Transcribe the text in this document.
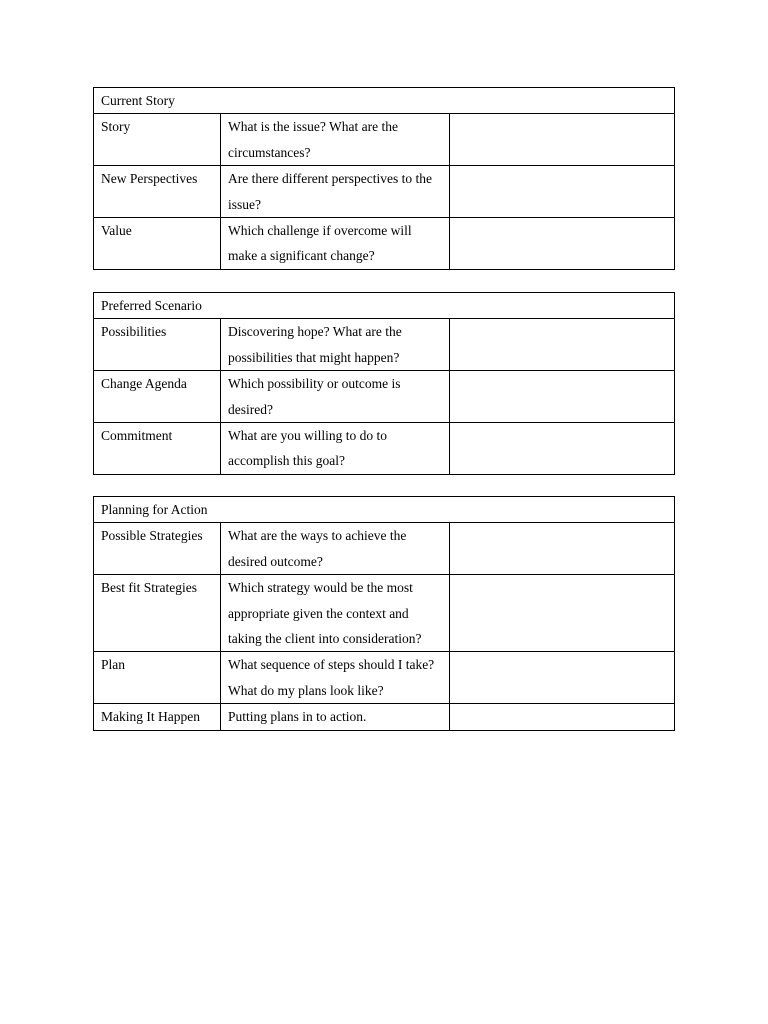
Current Story		
Story	What is the issue? What are the circumstances?	
New Perspectives	Are there different perspectives to the issue?	
Value	Which challenge if overcome will make a significant change?	
Preferred Scenario		
Possibilities	Discovering hope? What are the possibilities that might happen?	
Change Agenda	Which possibility or outcome is desired?	
Commitment	What are you willing to do to accomplish this goal?	
Planning for Action		
Possible Strategies	What are the ways to achieve the desired outcome?	
Best fit Strategies	Which strategy would be the most appropriate given the context and taking the client into consideration?	
Plan	What sequence of steps should I take? What do my plans look like?	
Making It Happen	Putting plans in to action.	
